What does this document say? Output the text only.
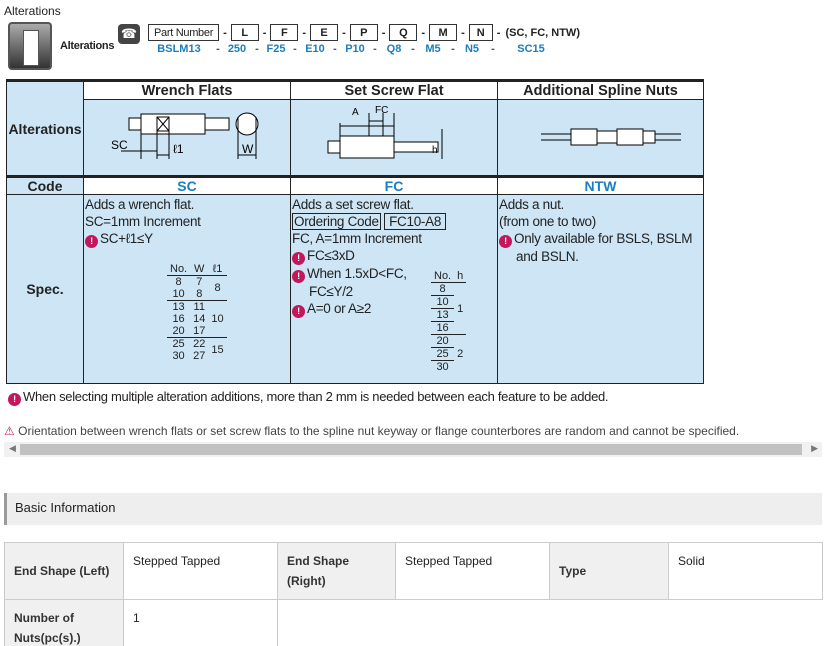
Alterations
Alterations
☎	Part Number -	L	-	F	-	E	-	P	-	Q	-	M	-	N	- (SC, FC, NTW)
BSLM13	- 250 - F25 - E10 - P10 - Q8 - M5 - N5	-	SC15
Alterations	Wrench Flats	Set Screw Flat	Additional Spline Nuts

SC	ℓ1	W

A FC
h

Code	SC	FC	NTW
Spec.	
Adds a wrench flat.
SC=1mm Increment
! SC+ℓ1≤Y
No.	W	ℓ1
8	7	8
10	8
13	11	10
16	14
20	17
25	22	15
30	27

Adds a set screw flat.
Ordering Code FC10-A8
FC, A=1mm Increment
! FC≤3xD
! When 1.5xD<FC,
FC≤Y/2
! A=0 or A≥2
No.	h
8	1
10
13
16
20	2
25
30

Adds a nut.
(from one to two)
! Only available for BSLS, BSLM
and BSLN.
! When selecting multiple alteration additions, more than 2 mm is needed between each feature to be added.
⚠ Orientation between wrench flats or set screw flats to the spline nut keyway or flange counterbores are random and cannot be specified.
◀	▶
Basic Information
End Shape (Left)	Stepped Tapped	End Shape (Right)	Stepped Tapped	Type	Solid
Number of Nuts(pc(s).)	1				
